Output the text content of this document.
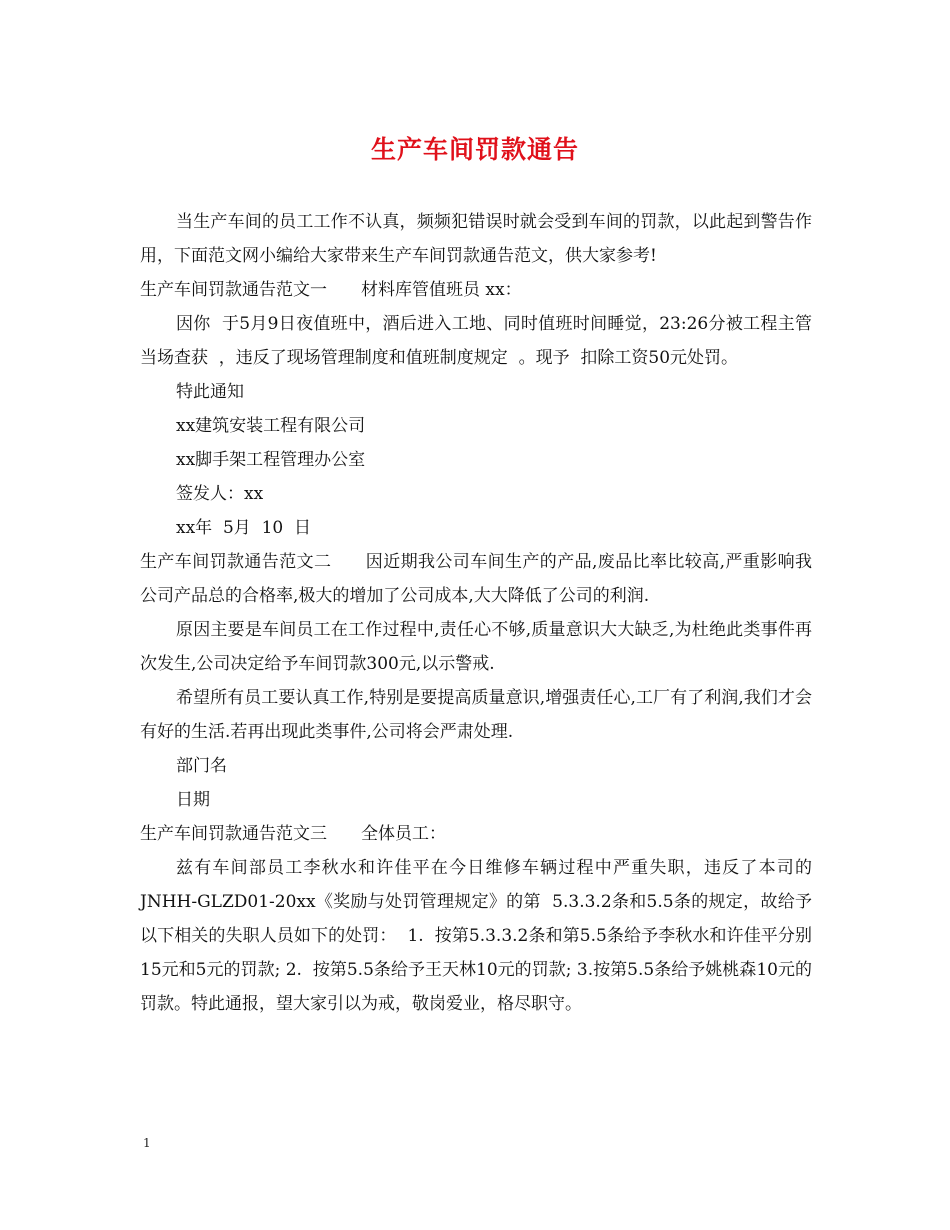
生产车间罚款通告

当生产车间的员工工作不认真，频频犯错误时就会受到车间的罚款，以此起到警告作用，下面范文网小编给大家带来生产车间罚款通告范文，供大家参考!

生产车间罚款通告范文一 材料库管值班员 xx：

因你  于5月9日夜值班中，酒后进入工地、同时值班时间睡觉，23:26分被工程主管当场查获  ，违反了现场管理制度和值班制度规定  。现予  扣除工资50元处罚。

特此通知

xx建筑安装工程有限公司

xx脚手架工程管理办公室

签发人：xx

xx年  5月  10  日

生产车间罚款通告范文二 因近期我公司车间生产的产品,废品比率比较高,严重影响我公司产品总的合格率,极大的增加了公司成本,大大降低了公司的利润.

原因主要是车间员工在工作过程中,责任心不够,质量意识大大缺乏,为杜绝此类事件再次发生,公司决定给予车间罚款300元,以示警戒.

希望所有员工要认真工作,特别是要提高质量意识,增强责任心,工厂有了利润,我们才会有好的生活.若再出现此类事件,公司将会严肃处理.

部门名

日期

生产车间罚款通告范文三 全体员工：

兹有车间部员工李秋水和许佳平在今日维修车辆过程中严重失职，违反了本司的 JNHH-GLZD01-20xx《奖励与处罚管理规定》的第  5.3.3.2条和5.5条的规定，故给予以下相关的失职人员如下的处罚：  1.  按第5.3.3.2条和第5.5条给予李秋水和许佳平分别15元和5元的罚款; 2.  按第5.5条给予王天林10元的罚款; 3.按第5.5条给予姚桃森10元的罚款。特此通报，望大家引以为戒，敬岗爱业，格尽职守。

1
